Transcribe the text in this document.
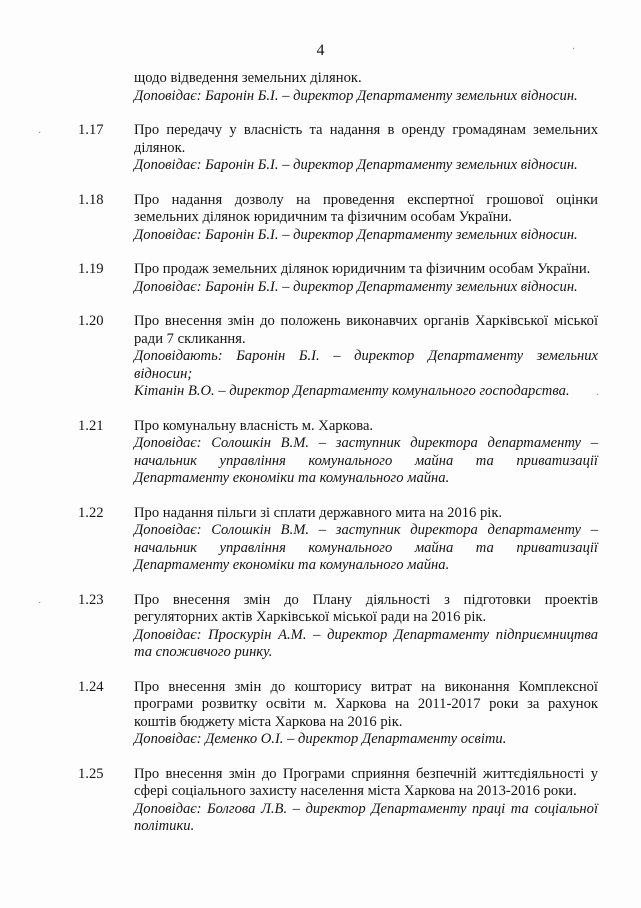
4
щодо відведення земельних ділянок.
Доповідає: Баронін Б.І. – директор Департаменту земельних відносин.
1.17	Про передачу у власність та надання в оренду громадянам земельних ділянок.
Доповідає: Баронін Б.І. – директор Департаменту земельних відносин.
1.18	Про надання дозволу на проведення експертної грошової оцінки земельних ділянок юридичним та фізичним особам України.
Доповідає: Баронін Б.І. – директор Департаменту земельних відносин.
1.19	Про продаж земельних ділянок юридичним та фізичним особам України.
Доповідає: Баронін Б.І. – директор Департаменту земельних відносин.
1.20	Про внесення змін до положень виконавчих органів Харківської міської ради 7 скликання.
Доповідають: Баронін Б.І. – директор Департаменту земельних відносин;
Кітанін В.О. – директор Департаменту комунального господарства.
1.21	Про комунальну власність м. Харкова.
Доповідає: Солошкін В.М. – заступник директора департаменту – начальник управління комунального майна та приватизації Департаменту економіки та комунального майна.
1.22	Про надання пільги зі сплати державного мита на 2016 рік.
Доповідає: Солошкін В.М. – заступник директора департаменту – начальник управління комунального майна та приватизації Департаменту економіки та комунального майна.
1.23	Про внесення змін до Плану діяльності з підготовки проектів регуляторних актів Харківської міської ради на 2016 рік.
Доповідає: Проскурін А.М. – директор Департаменту підприємництва та споживчого ринку.
1.24	Про внесення змін до кошторису витрат на виконання Комплексної програми розвитку освіти м. Харкова на 2011-2017 роки за рахунок коштів бюджету міста Харкова на 2016 рік.
Доповідає: Деменко О.І. – директор Департаменту освіти.
1.25	Про внесення змін до Програми сприяння безпечній життєдіяльності у сфері соціального захисту населення міста Харкова на 2013-2016 роки.
Доповідає: Болгова Л.В. – директор Департаменту праці та соціальної політики.
·
·
·
·
